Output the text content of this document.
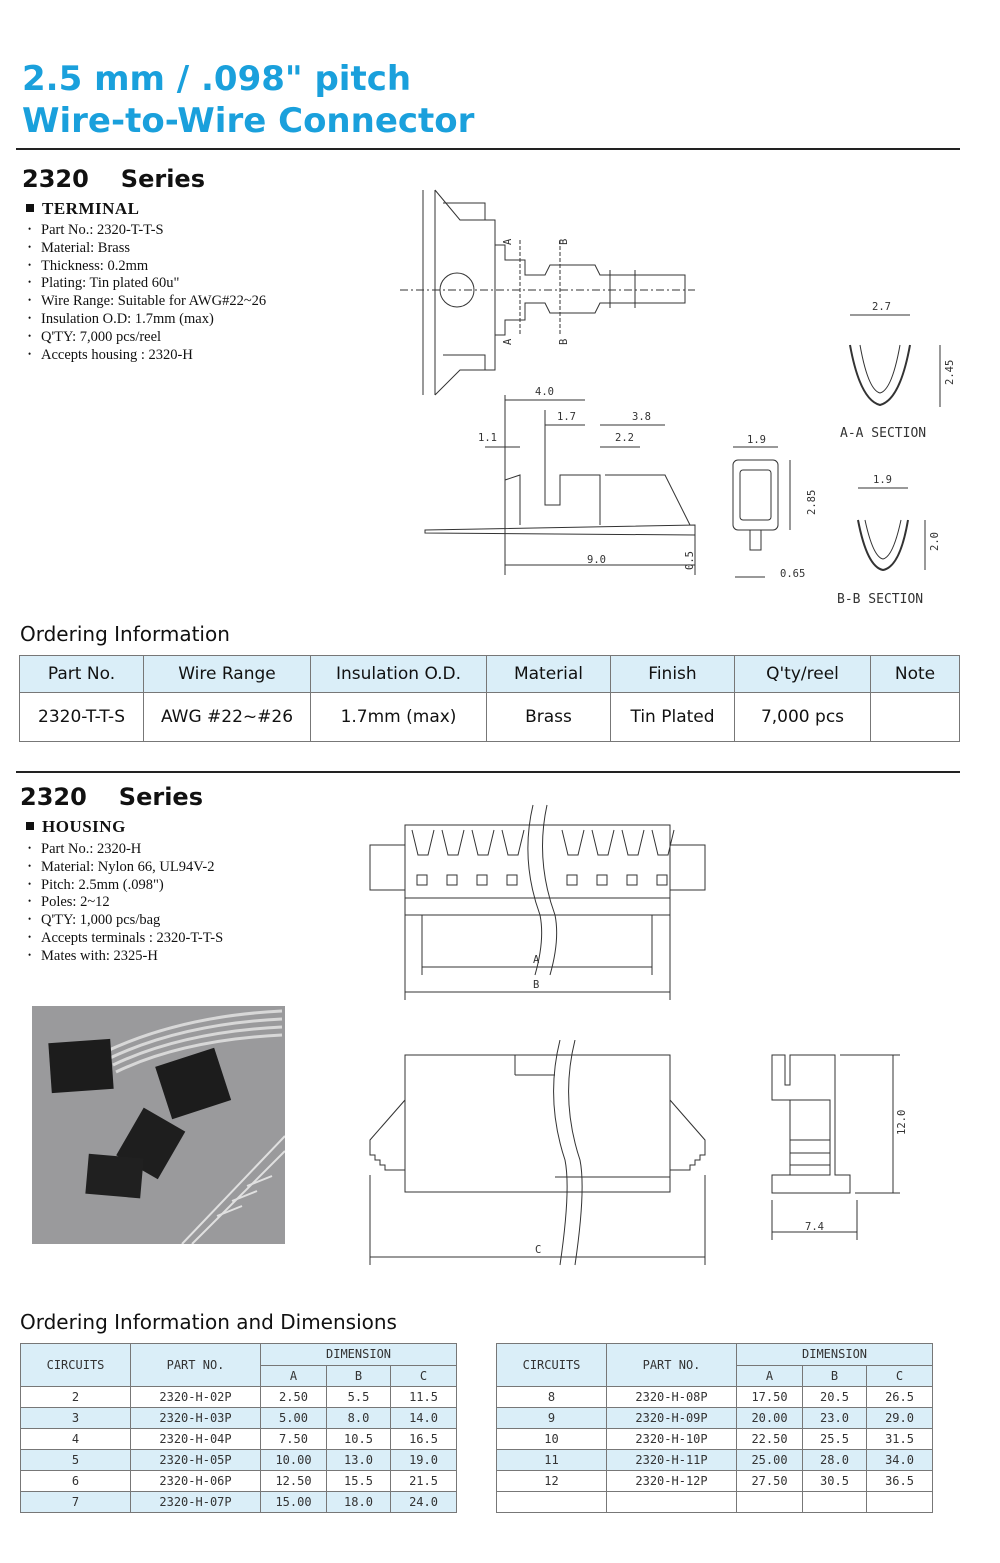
2.5 mm / .098" pitch
Wire-to-Wire Connector
2320 Series
TERMINAL
• Part No.: 2320-T-T-S
• Material: Brass
• Thickness: 0.2mm
• Plating: Tin plated 60u"
• Wire Range: Suitable for AWG#22~26
• Insulation O.D: 1.7mm (max)
• Q'TY: 7,000 pcs/reel
• Accepts housing : 2320-H
A	B
A	B
4.0
1.7	3.8
1.1	2.2
9.0	0.5
1.9
2.85
0.65
2.7
2.45
1.9
2.0
A-A SECTION
B-B SECTION
Ordering Information
Part No.	Wire Range	Insulation O.D.	Material	Finish	Q'ty/reel	Note
2320-T-T-S	AWG #22~#26	1.7mm (max)	Brass	Tin Plated	7,000 pcs	
2320 Series
HOUSING
• Part No.: 2320-H
• Material: Nylon 66, UL94V-2
• Pitch: 2.5mm (.098")
• Poles: 2~12
• Q'TY: 1,000 pcs/bag
• Accepts terminals : 2320-T-T-S
• Mates with: 2325-H	A
B
C
12.0
7.4
Ordering Information and Dimensions
CIRCUITS	PART NO.	DIMENSION		
		A	B	C
2	2320-H-02P	2.50	5.5	11.5
3	2320-H-03P	5.00	8.0	14.0
4	2320-H-04P	7.50	10.5	16.5
5	2320-H-05P	10.00	13.0	19.0
6	2320-H-06P	12.50	15.5	21.5
7	2320-H-07P	15.00	18.0	24.0
CIRCUITS	PART NO.	DIMENSION		
		A	B	C
8	2320-H-08P	17.50	20.5	26.5
9	2320-H-09P	20.00	23.0	29.0
10	2320-H-10P	22.50	25.5	31.5
11	2320-H-11P	25.00	28.0	34.0
12	2320-H-12P	27.50	30.5	36.5
